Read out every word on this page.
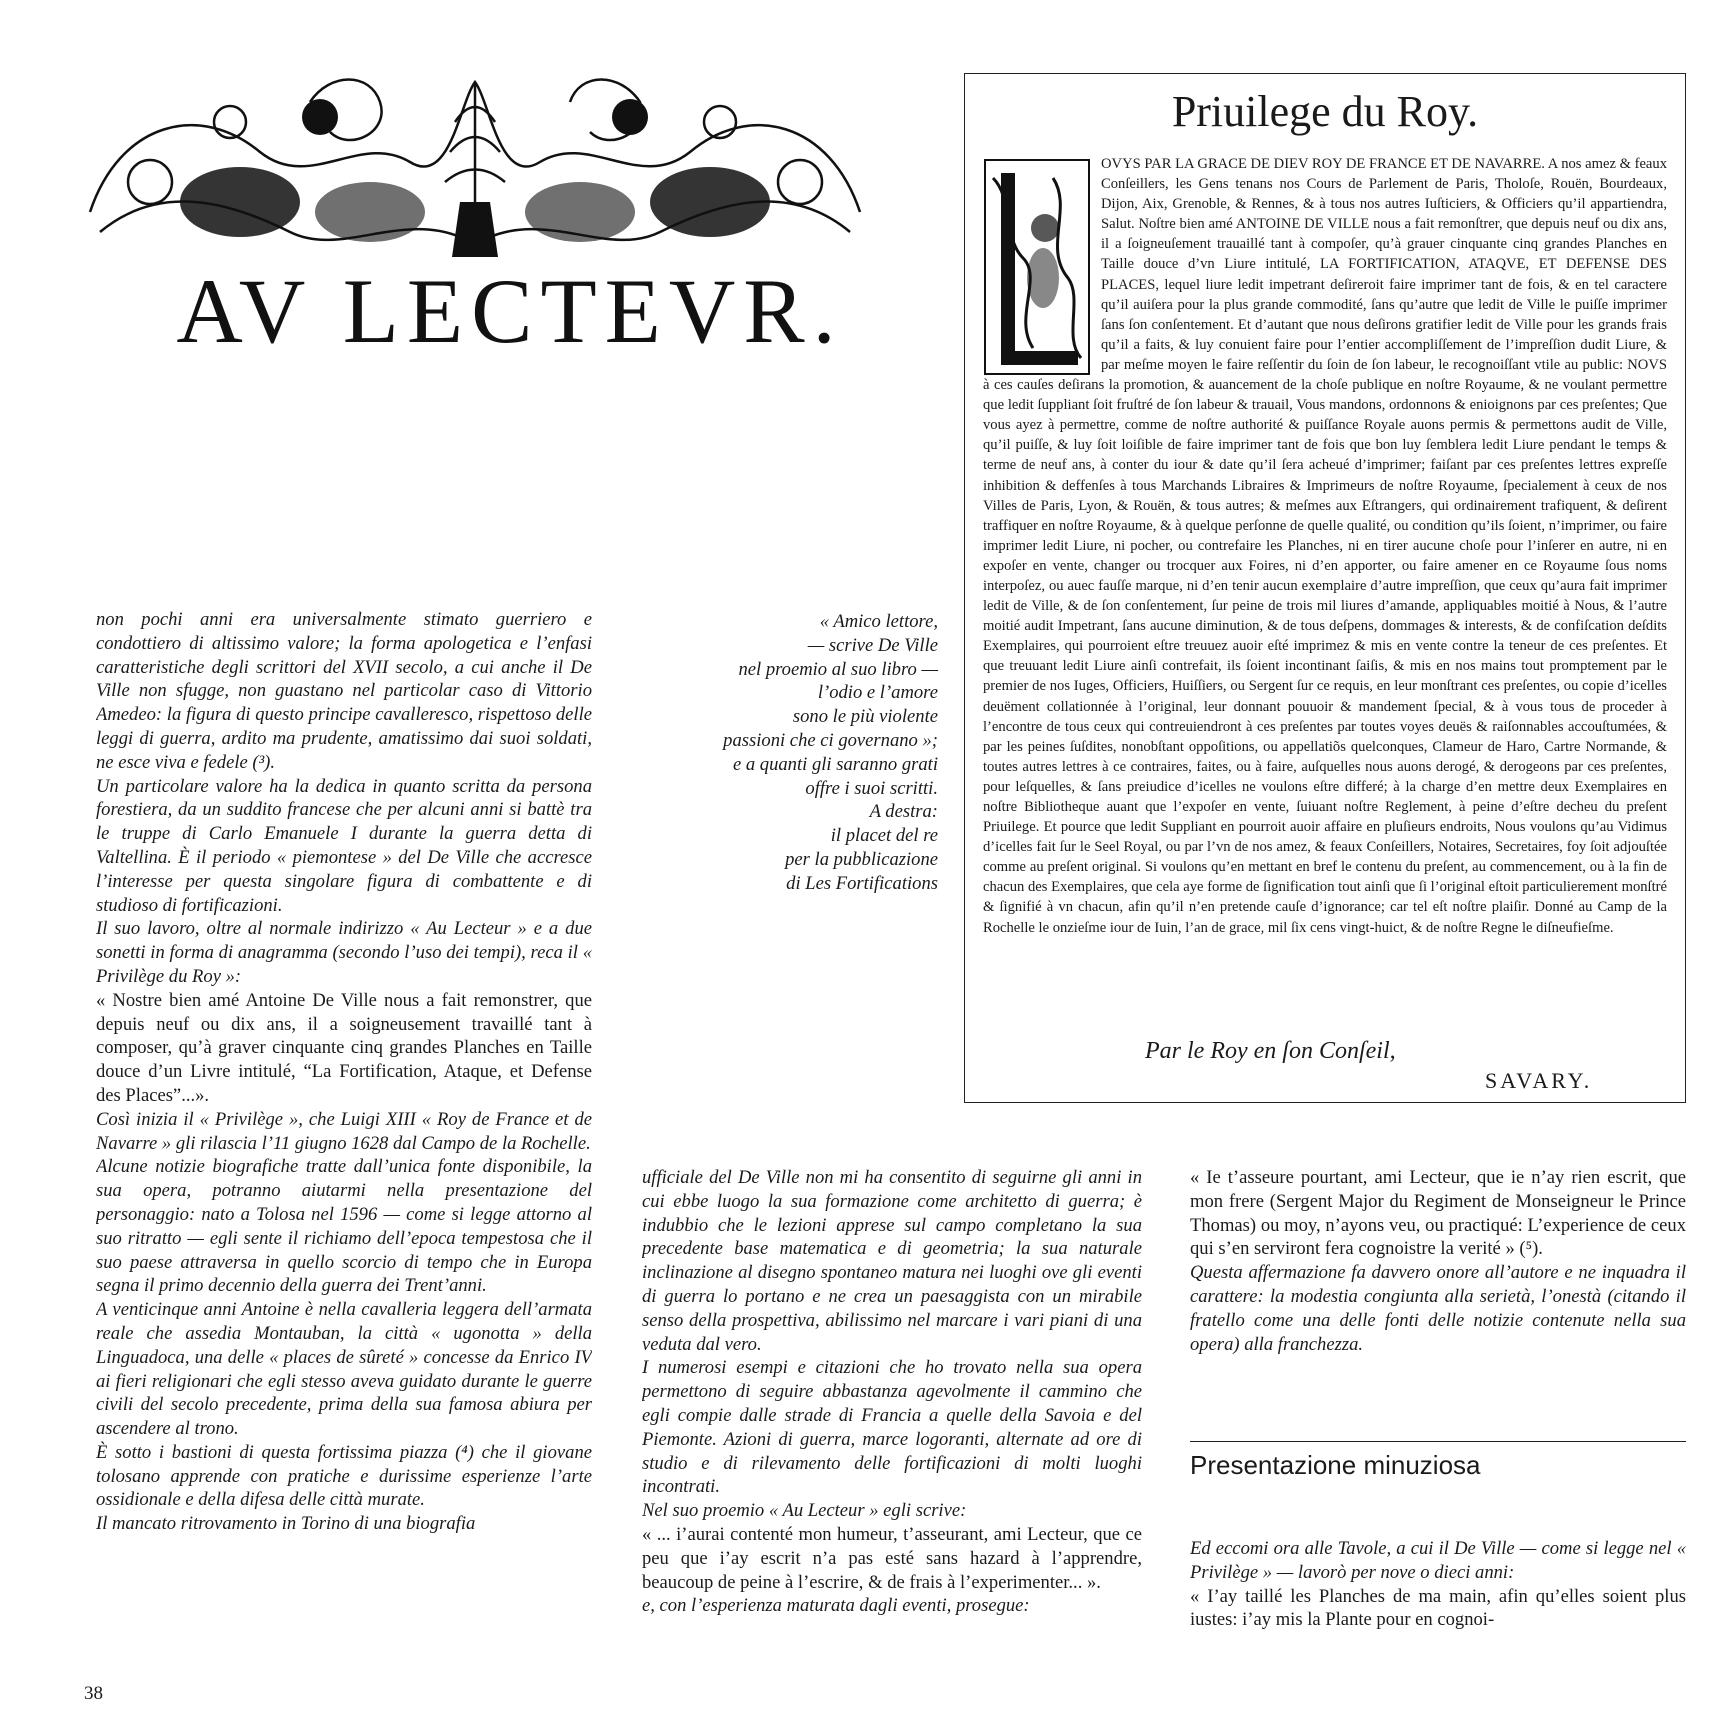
AV LECTEVR.
Priuilege du Roy.
OVYS PAR LA GRACE DE DIEV ROY DE FRANCE ET DE NAVARRE. A nos amez & feaux Conſeillers, les Gens tenans nos Cours de Parlement de Paris, Tholoſe, Rouën, Bourdeaux, Dijon, Aix, Grenoble, & Rennes, & à tous nos autres Iuſticiers, & Officiers qu’il appartiendra, Salut. Noſtre bien amé ANTOINE DE VILLE nous a fait remonſtrer, que depuis neuf ou dix ans, il a ſoigneuſement trauaillé tant à compoſer, qu’à grauer cinquante cinq grandes Planches en Taille douce d’vn Liure intitulé, LA FORTIFICATION, ATAQVE, ET DEFENSE DES PLACES, lequel liure ledit impetrant deſireroit faire imprimer tant de fois, & en tel caractere qu’il auiſera pour la plus grande commodité, ſans qu’autre que ledit de Ville le puiſſe imprimer ſans ſon conſentement. Et d’autant que nous deſirons gratifier ledit de Ville pour les grands frais qu’il a faits, & luy conuient faire pour l’entier accompliſſement de l’impreſſion dudit Liure, & par meſme moyen le faire reſſentir du ſoin de ſon labeur, le recognoiſſant vtile au public: NOVS à ces cauſes deſirans la promotion, & auancement de la choſe publique en noſtre Royaume, & ne voulant permettre que ledit ſuppliant ſoit fruſtré de ſon labeur & trauail, Vous mandons, ordonnons & enioignons par ces preſentes; Que vous ayez à permettre, comme de noſtre authorité & puiſſance Royale auons permis & permettons audit de Ville, qu’il puiſſe, & luy ſoit loiſible de faire imprimer tant de fois que bon luy ſemblera ledit Liure pendant le temps & terme de neuf ans, à conter du iour & date qu’il ſera acheué d’imprimer; faiſant par ces preſentes lettres expreſſe inhibition & deffenſes à tous Marchands Libraires & Imprimeurs de noſtre Royaume, ſpecialement à ceux de nos Villes de Paris, Lyon, & Rouën, & tous autres; & meſmes aux Eſtrangers, qui ordinairement trafiquent, & deſirent traffiquer en noſtre Royaume, & à quelque perſonne de quelle qualité, ou condition qu’ils ſoient, n’imprimer, ou faire imprimer ledit Liure, ni pocher, ou contrefaire les Planches, ni en tirer aucune choſe pour l’inſerer en autre, ni en expoſer en vente, changer ou trocquer aux Foires, ni d’en apporter, ou faire amener en ce Royaume ſous noms interpoſez, ou auec fauſſe marque, ni d’en tenir aucun exemplaire d’autre impreſſion, que ceux qu’aura fait imprimer ledit de Ville, & de ſon conſentement, ſur peine de trois mil liures d’amande, appliquables moitié à Nous, & l’autre moitié audit Impetrant, ſans aucune diminution, & de tous deſpens, dommages & interests, & de confiſcation deſdits Exemplaires, qui pourroient eſtre treuuez auoir eſté imprimez & mis en vente contre la teneur de ces preſentes. Et que treuuant ledit Liure ainſi contrefait, ils ſoient incontinant ſaiſis, & mis en nos mains tout promptement par le premier de nos Iuges, Officiers, Huiſſiers, ou Sergent ſur ce requis, en leur monſtrant ces preſentes, ou copie d’icelles deuëment collationnée à l’original, leur donnant pouuoir & mandement ſpecial, & à vous tous de proceder à l’encontre de tous ceux qui contreuiendront à ces preſentes par toutes voyes deuës & raiſonnables accouſtumées, & par les peines ſuſdites, nonobſtant oppoſitions, ou appellatiõs quelconques, Clameur de Haro, Cartre Normande, & toutes autres lettres à ce contraires, faites, ou à faire, auſquelles nous auons derogé, & derogeons par ces preſentes, pour leſquelles, & ſans preiudice d’icelles ne voulons eſtre differé; à la charge d’en mettre deux Exemplaires en noſtre Bibliotheque auant que l’expoſer en vente, ſuiuant noſtre Reglement, à peine d’eſtre decheu du preſent Priuilege. Et pource que ledit Suppliant en pourroit auoir affaire en pluſieurs endroits, Nous voulons qu’au Vidimus d’icelles fait ſur le Seel Royal, ou par l’vn de nos amez, & feaux Conſeillers, Notaires, Secretaires, foy ſoit adjouſtée comme au preſent original. Si voulons qu’en mettant en bref le contenu du preſent, au commencement, ou à la fin de chacun des Exemplaires, que cela aye forme de ſignification tout ainſi que ſi l’original eſtoit particulierement monſtré & ſignifié à vn chacun, afin qu’il n’en pretende cauſe d’ignorance; car tel eſt noſtre plaiſir. Donné au Camp de la Rochelle le onzieſme iour de Iuin, l’an de grace, mil ſix cens vingt-huict, & de noſtre Regne le diſneufieſme.
Par le Roy en ſon Conſeil,
SAVARY.
« Amico lettore,
— scrive De Ville
nel proemio al suo libro —
l’odio e l’amore
sono le più violente
passioni che ci governano »;
e a quanti gli saranno grati
offre i suoi scritti.
A destra:
il placet del re
per la pubblicazione
di Les Fortifications

non pochi anni era universalmente stimato guerriero e condottiero di altissimo valore; la forma apologetica e l’enfasi caratteristiche degli scrittori del XVII secolo, a cui anche il De Ville non sfugge, non guastano nel particolar caso di Vittorio Amedeo: la figura di questo principe cavalleresco, rispettoso delle leggi di guerra, ardito ma prudente, amatissimo dai suoi soldati, ne esce viva e fedele (³).

Un particolare valore ha la dedica in quanto scritta da persona forestiera, da un suddito francese che per alcuni anni si battè tra le truppe di Carlo Emanuele I durante la guerra detta di Valtellina. È il periodo « piemontese » del De Ville che accresce l’interesse per questa singolare figura di combattente e di studioso di fortificazioni.

Il suo lavoro, oltre al normale indirizzo « Au Lecteur » e a due sonetti in forma di anagramma (secondo l’uso dei tempi), reca il « Privilège du Roy »:

« Nostre bien amé Antoine De Ville nous a fait remonstrer, que depuis neuf ou dix ans, il a soigneusement travaillé tant à composer, qu’à graver cinquante cinq grandes Planches en Taille douce d’un Livre intitulé, “La Fortification, Ataque, et Defense des Places”...».

Così inizia il « Privilège », che Luigi XIII « Roy de France et de Navarre » gli rilascia l’11 giugno 1628 dal Campo de la Rochelle.

Alcune notizie biografiche tratte dall’unica fonte disponibile, la sua opera, potranno aiutarmi nella presentazione del personaggio: nato a Tolosa nel 1596 — come si legge attorno al suo ritratto — egli sente il richiamo dell’epoca tempestosa che il suo paese attraversa in quello scorcio di tempo che in Europa segna il primo decennio della guerra dei Trent’anni.

A venticinque anni Antoine è nella cavalleria leggera dell’armata reale che assedia Montauban, la città « ugonotta » della Linguadoca, una delle « places de sûreté » concesse da Enrico IV ai fieri religionari che egli stesso aveva guidato durante le guerre civili del secolo precedente, prima della sua famosa abiura per ascendere al trono.

È sotto i bastioni di questa fortissima piazza (⁴) che il giovane tolosano apprende con pratiche e durissime esperienze l’arte ossidionale e della difesa delle città murate.

Il mancato ritrovamento in Torino di una biografia

ufficiale del De Ville non mi ha consentito di seguirne gli anni in cui ebbe luogo la sua formazione come architetto di guerra; è indubbio che le lezioni apprese sul campo completano la sua precedente base matematica e di geometria; la sua naturale inclinazione al disegno spontaneo matura nei luoghi ove gli eventi di guerra lo portano e ne crea un paesaggista con un mirabile senso della prospettiva, abilissimo nel marcare i vari piani di una veduta dal vero.

I numerosi esempi e citazioni che ho trovato nella sua opera permettono di seguire abbastanza agevolmente il cammino che egli compie dalle strade di Francia a quelle della Savoia e del Piemonte. Azioni di guerra, marce logoranti, alternate ad ore di studio e di rilevamento delle fortificazioni di molti luoghi incontrati.

Nel suo proemio « Au Lecteur » egli scrive:

« ... i’aurai contenté mon humeur, t’asseurant, ami Lecteur, que ce peu que i’ay escrit n’a pas esté sans hazard à l’apprendre, beaucoup de peine à l’escrire, & de frais à l’experimenter... ».

e, con l’esperienza maturata dagli eventi, prosegue:

« Ie t’asseure pourtant, ami Lecteur, que ie n’ay rien escrit, que mon frere (Sergent Major du Regiment de Monseigneur le Prince Thomas) ou moy, n’ayons veu, ou practiqué: L’experience de ceux qui s’en serviront fera cognoistre la verité » (⁵).

Questa affermazione fa davvero onore all’autore e ne inquadra il carattere: la modestia congiunta alla serietà, l’onestà (citando il fratello come una delle fonti delle notizie contenute nella sua opera) alla franchezza.

Presentazione minuziosa

Ed eccomi ora alle Tavole, a cui il De Ville — come si legge nel « Privilège » — lavorò per nove o dieci anni:

« I’ay taillé les Planches de ma main, afin qu’elles soient plus iustes: i’ay mis la Plante pour en cognoi-

38
